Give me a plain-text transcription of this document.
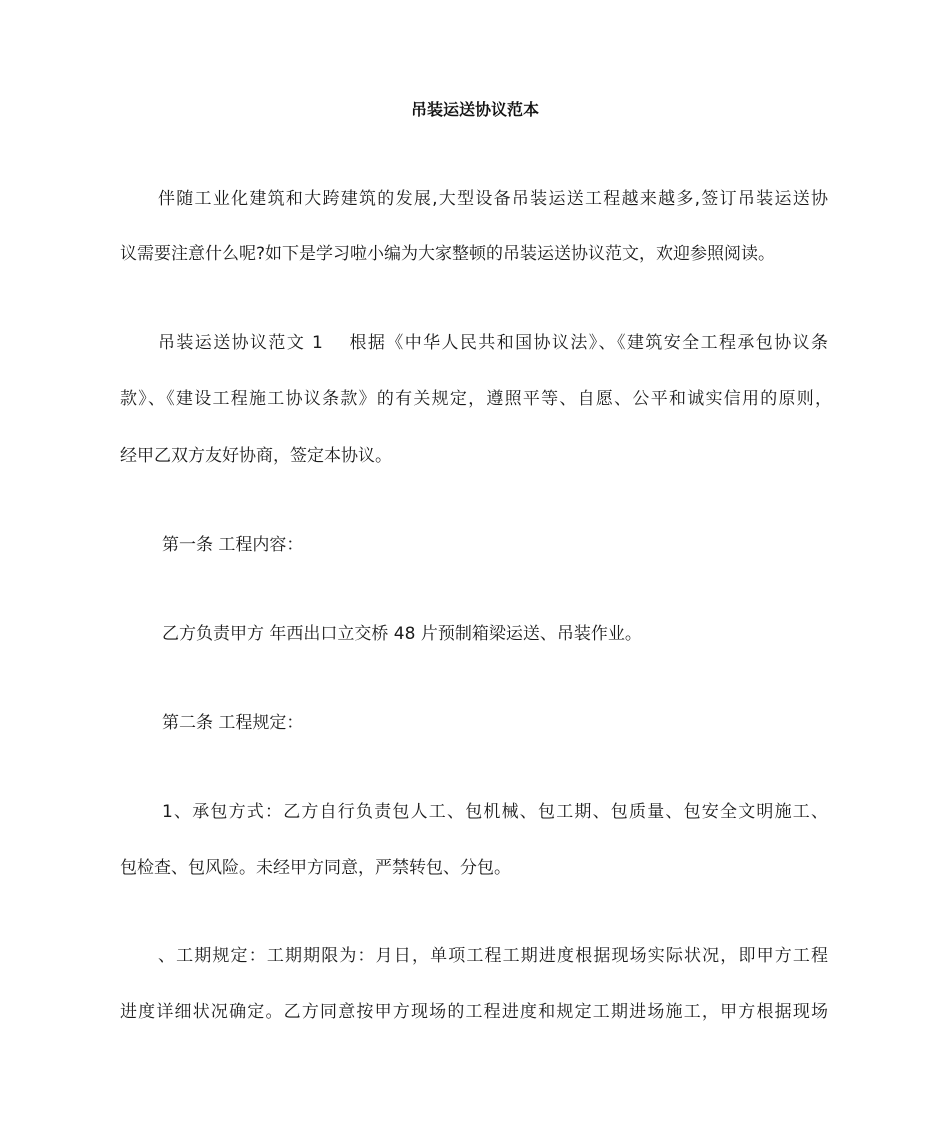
吊装运送协议范本
伴随工业化建筑和大跨建筑的发展,大型设备吊装运送工程越来越多,签订吊装运送协
议需要注意什么呢?如下是学习啦小编为大家整顿的吊装运送协议范文，欢迎参照阅读。
吊装运送协议范文 1　 根据《中华人民共和国协议法》、《建筑安全工程承包协议条
款》、《建设工程施工协议条款》的有关规定，遵照平等、自愿、公平和诚实信用的原则，
经甲乙双方友好协商，签定本协议。
第一条 工程内容：
乙方负责甲方 年西出口立交桥 48 片预制箱梁运送、吊装作业。
第二条 工程规定：
1、承包方式：乙方自行负责包人工、包机械、包工期、包质量、包安全文明施工、
包检查、包风险。未经甲方同意，严禁转包、分包。
、工期规定：工期期限为：月日，单项工程工期进度根据现场实际状况，即甲方工程
进度详细状况确定。乙方同意按甲方现场的工程进度和规定工期进场施工，甲方根据现场
